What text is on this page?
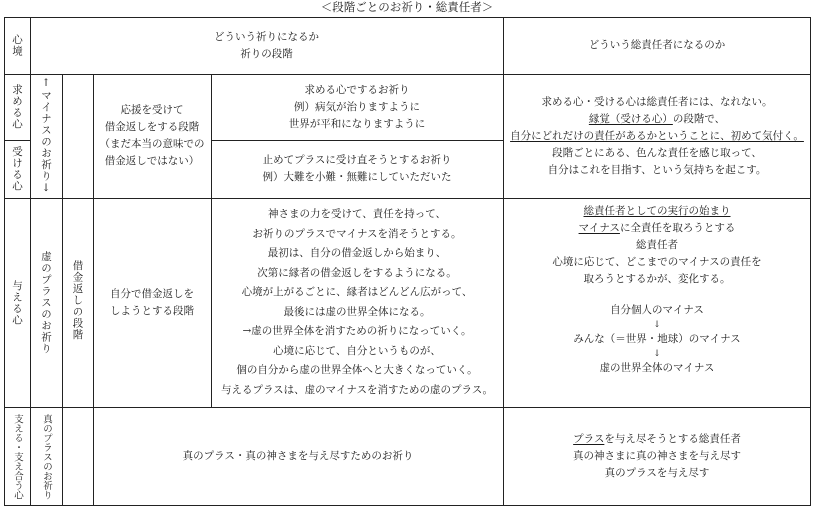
＜段階ごとのお祈り・総責任者＞
心境	どういう祈りになるか
祈りの段階
どういう総責任者になるのか
求める心
受ける心
与える心
支える・支え合う心
↑マイナスのお祈り↓
借金返しの段階
虚のプラスのお祈り
真のプラスのお祈り
応援を受けて
借金返しをする段階
（まだ本当の意味での
借金返しではない）
求める心でするお祈り
例）病気が治りますように
世界が平和になりますように
止めてプラスに受け直そうとするお祈り
例）大難を小難・無難にしていただいた
求める心・受ける心は総責任者には、なれない。
縁覚（受ける心）の段階で、
自分にどれだけの責任があるかということに、初めて気付く。
段階ごとにある、色んな責任を感じ取って、
自分はこれを目指す、という気持ちを起こす。
自分で借金返しを
しようとする段階
神さまの力を受けて、責任を持って、
お祈りのプラスでマイナスを消そうとする。
最初は、自分の借金返しから始まり、
次第に縁者の借金返しをするようになる。
心境が上がるごとに、縁者はどんどん広がって、
最後には虚の世界全体になる。
→虚の世界全体を消すための祈りになっていく。
心境に応じて、自分というものが、
個の自分から虚の世界全体へと大きくなっていく。
与えるプラスは、虚のマイナスを消すための虚のプラス。
総責任者としての実行の始まり
マイナスに全責任を取ろうとする
総責任者
心境に応じて、どこまでのマイナスの責任を
取ろうとするかが、変化する。
自分個人のマイナス
↓
みんな（＝世界・地球）のマイナス
↓
虚の世界全体のマイナス
真のプラス・真の神さまを与え尽すためのお祈り
プラスを与え尽そうとする総責任者
真の神さまに真の神さまを与え尽す
真のプラスを与え尽す
